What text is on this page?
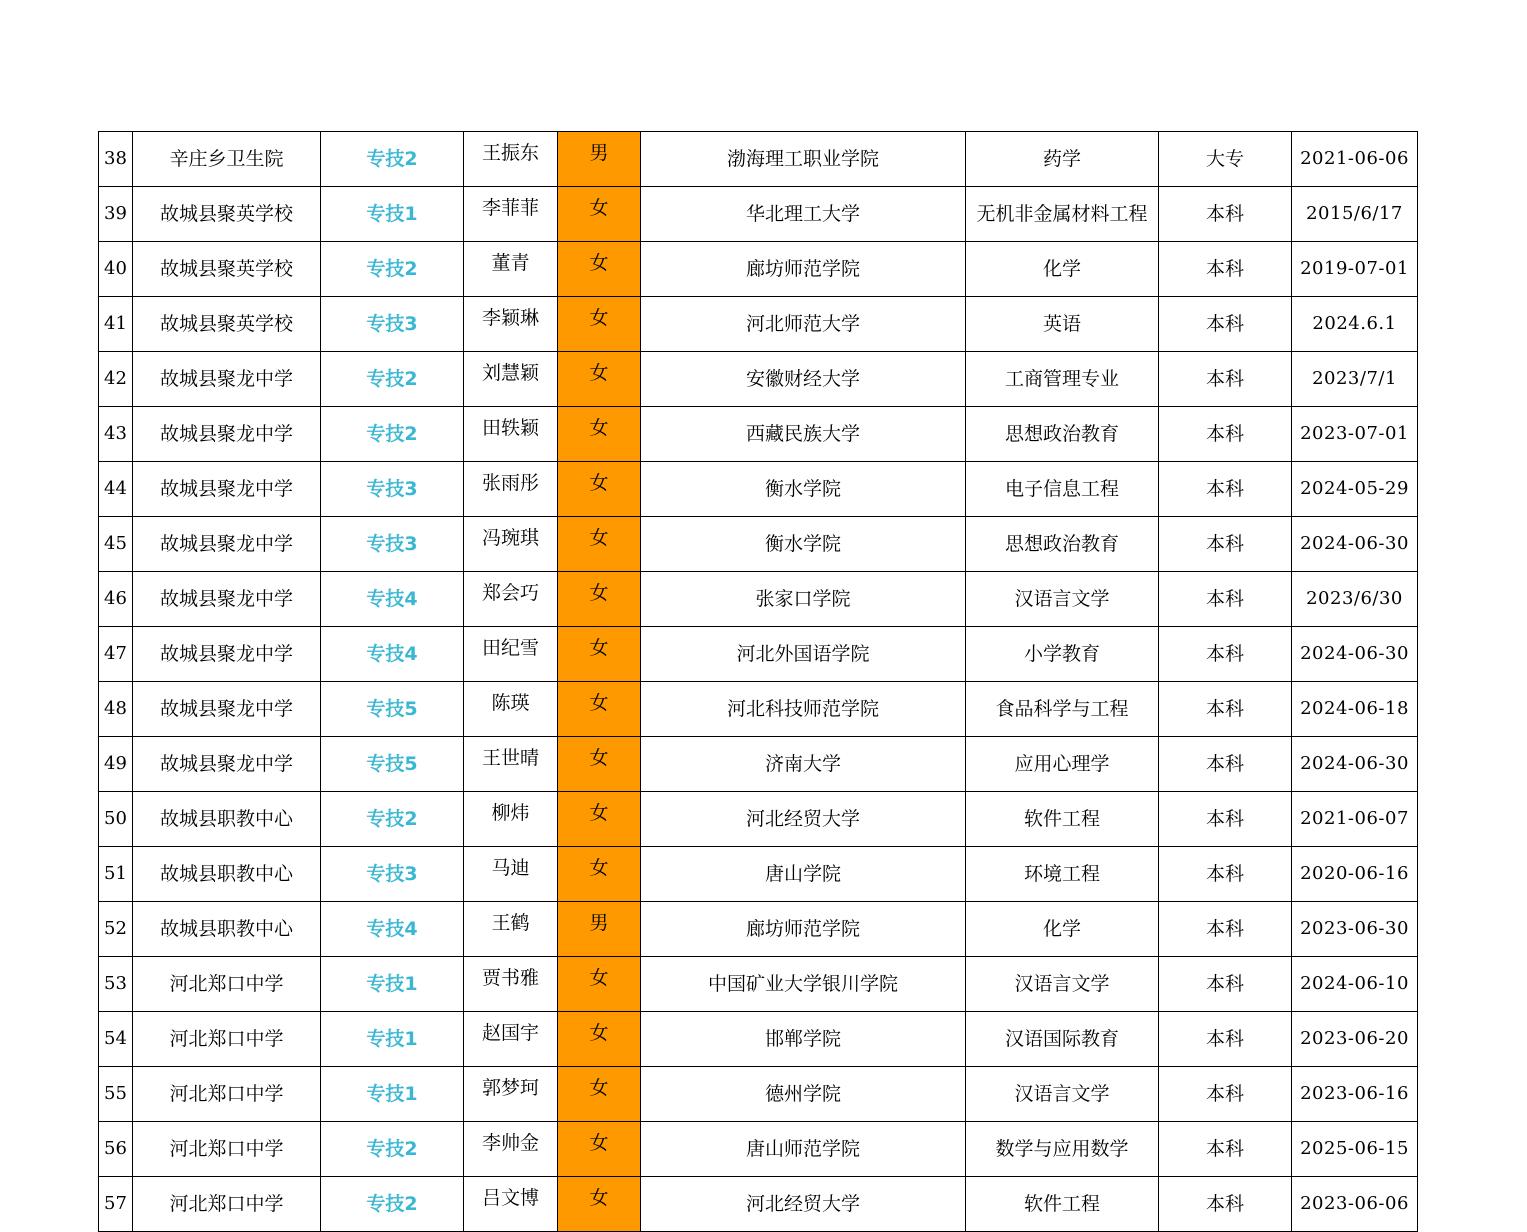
38	辛庄乡卫生院	专技2	王振东	男	渤海理工职业学院	药学	大专	2021-06-06
39	故城县聚英学校	专技1	李菲菲	女	华北理工大学	无机非金属材料工程	本科	2015/6/17
40	故城县聚英学校	专技2	董青	女	廊坊师范学院	化学	本科	2019-07-01
41	故城县聚英学校	专技3	李颖琳	女	河北师范大学	英语	本科	2024.6.1
42	故城县聚龙中学	专技2	刘慧颖	女	安徽财经大学	工商管理专业	本科	2023/7/1
43	故城县聚龙中学	专技2	田轶颖	女	西藏民族大学	思想政治教育	本科	2023-07-01
44	故城县聚龙中学	专技3	张雨彤	女	衡水学院	电子信息工程	本科	2024-05-29
45	故城县聚龙中学	专技3	冯琬琪	女	衡水学院	思想政治教育	本科	2024-06-30
46	故城县聚龙中学	专技4	郑会巧	女	张家口学院	汉语言文学	本科	2023/6/30
47	故城县聚龙中学	专技4	田纪雪	女	河北外国语学院	小学教育	本科	2024-06-30
48	故城县聚龙中学	专技5	陈瑛	女	河北科技师范学院	食品科学与工程	本科	2024-06-18
49	故城县聚龙中学	专技5	王世晴	女	济南大学	应用心理学	本科	2024-06-30
50	故城县职教中心	专技2	柳炜	女	河北经贸大学	软件工程	本科	2021-06-07
51	故城县职教中心	专技3	马迪	女	唐山学院	环境工程	本科	2020-06-16
52	故城县职教中心	专技4	王鹤	男	廊坊师范学院	化学	本科	2023-06-30
53	河北郑口中学	专技1	贾书雅	女	中国矿业大学银川学院	汉语言文学	本科	2024-06-10
54	河北郑口中学	专技1	赵国宇	女	邯郸学院	汉语国际教育	本科	2023-06-20
55	河北郑口中学	专技1	郭梦珂	女	德州学院	汉语言文学	本科	2023-06-16
56	河北郑口中学	专技2	李帅金	女	唐山师范学院	数学与应用数学	本科	2025-06-15
57	河北郑口中学	专技2	吕文博	女	河北经贸大学	软件工程	本科	2023-06-06
